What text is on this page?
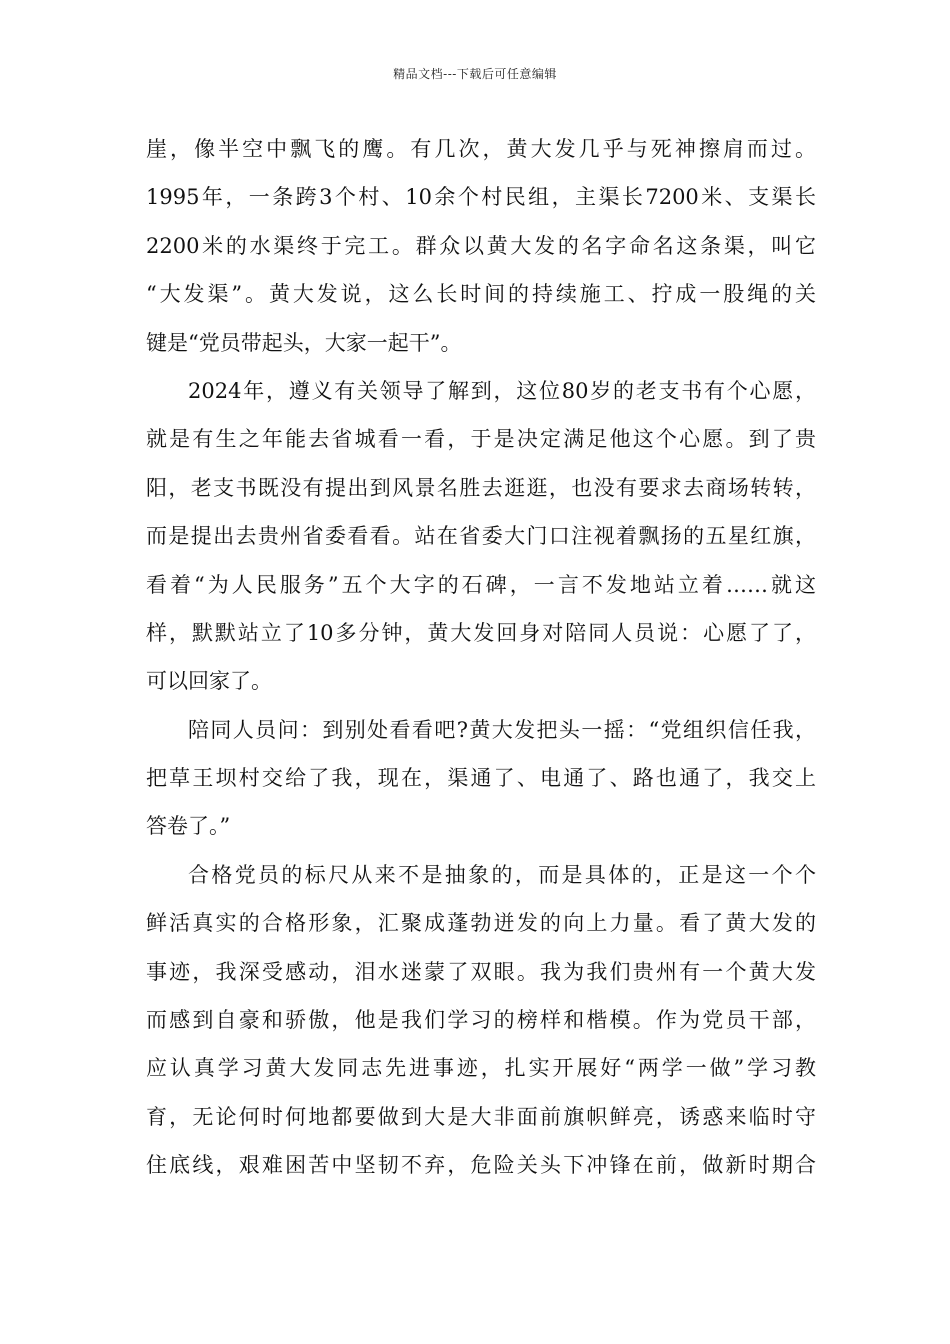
精品文档---下载后可任意编辑
崖，像半空中飘飞的鹰。有几次，黄大发几乎与死神擦肩而过。
1995年，一条跨3个村、10余个村民组，主渠长7200米、支渠长
2200米的水渠终于完工。群众以黄大发的名字命名这条渠，叫它
“大发渠”。黄大发说，这么长时间的持续施工、拧成一股绳的关
键是“党员带起头，大家一起干”。
2024年，遵义有关领导了解到，这位80岁的老支书有个心愿，
就是有生之年能去省城看一看，于是决定满足他这个心愿。到了贵
阳，老支书既没有提出到风景名胜去逛逛，也没有要求去商场转转，
而是提出去贵州省委看看。站在省委大门口注视着飘扬的五星红旗，
看着“为人民服务”五个大字的石碑，一言不发地站立着……就这
样，默默站立了10多分钟，黄大发回身对陪同人员说：心愿了了，
可以回家了。
陪同人员问：到别处看看吧?黄大发把头一摇：“党组织信任我，
把草王坝村交给了我，现在，渠通了、电通了、路也通了，我交上
答卷了。”
合格党员的标尺从来不是抽象的，而是具体的，正是这一个个
鲜活真实的合格形象，汇聚成蓬勃迸发的向上力量。看了黄大发的
事迹，我深受感动，泪水迷蒙了双眼。我为我们贵州有一个黄大发
而感到自豪和骄傲，他是我们学习的榜样和楷模。作为党员干部，
应认真学习黄大发同志先进事迹，扎实开展好“两学一做”学习教
育，无论何时何地都要做到大是大非面前旗帜鲜亮，诱惑来临时守
住底线，艰难困苦中坚韧不弃，危险关头下冲锋在前，做新时期合
